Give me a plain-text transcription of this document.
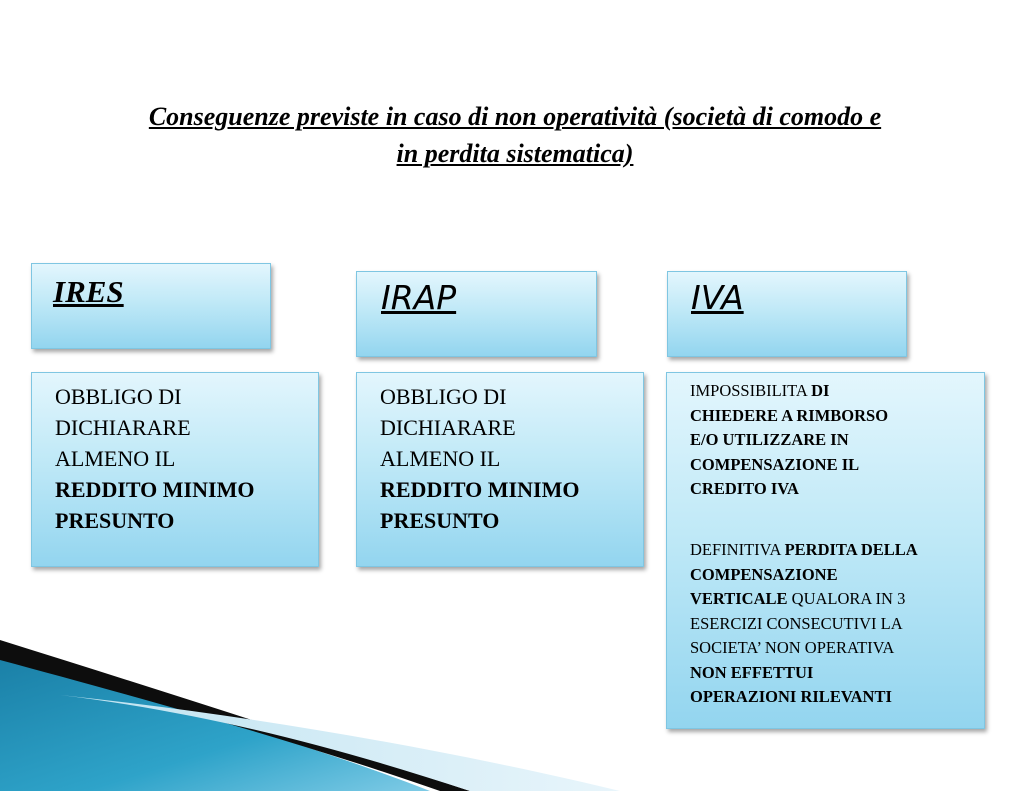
Conseguenze previste in caso di non operatività (società di comodo e
in perdita sistematica)
IRES	IRAP	IVA
OBBLIGO DI
DICHIARARE
ALMENO IL
REDDITO MINIMO
PRESUNTO
OBBLIGO DI
DICHIARARE
ALMENO IL
REDDITO MINIMO
PRESUNTO
IMPOSSIBILITA DI
CHIEDERE A RIMBORSO
E/O UTILIZZARE IN
COMPENSAZIONE IL
CREDITO IVA
DEFINITIVA PERDITA DELLA
COMPENSAZIONE
VERTICALE QUALORA IN 3
ESERCIZI CONSECUTIVI LA
SOCIETA’ NON OPERATIVA
NON EFFETTUI
OPERAZIONI RILEVANTI
